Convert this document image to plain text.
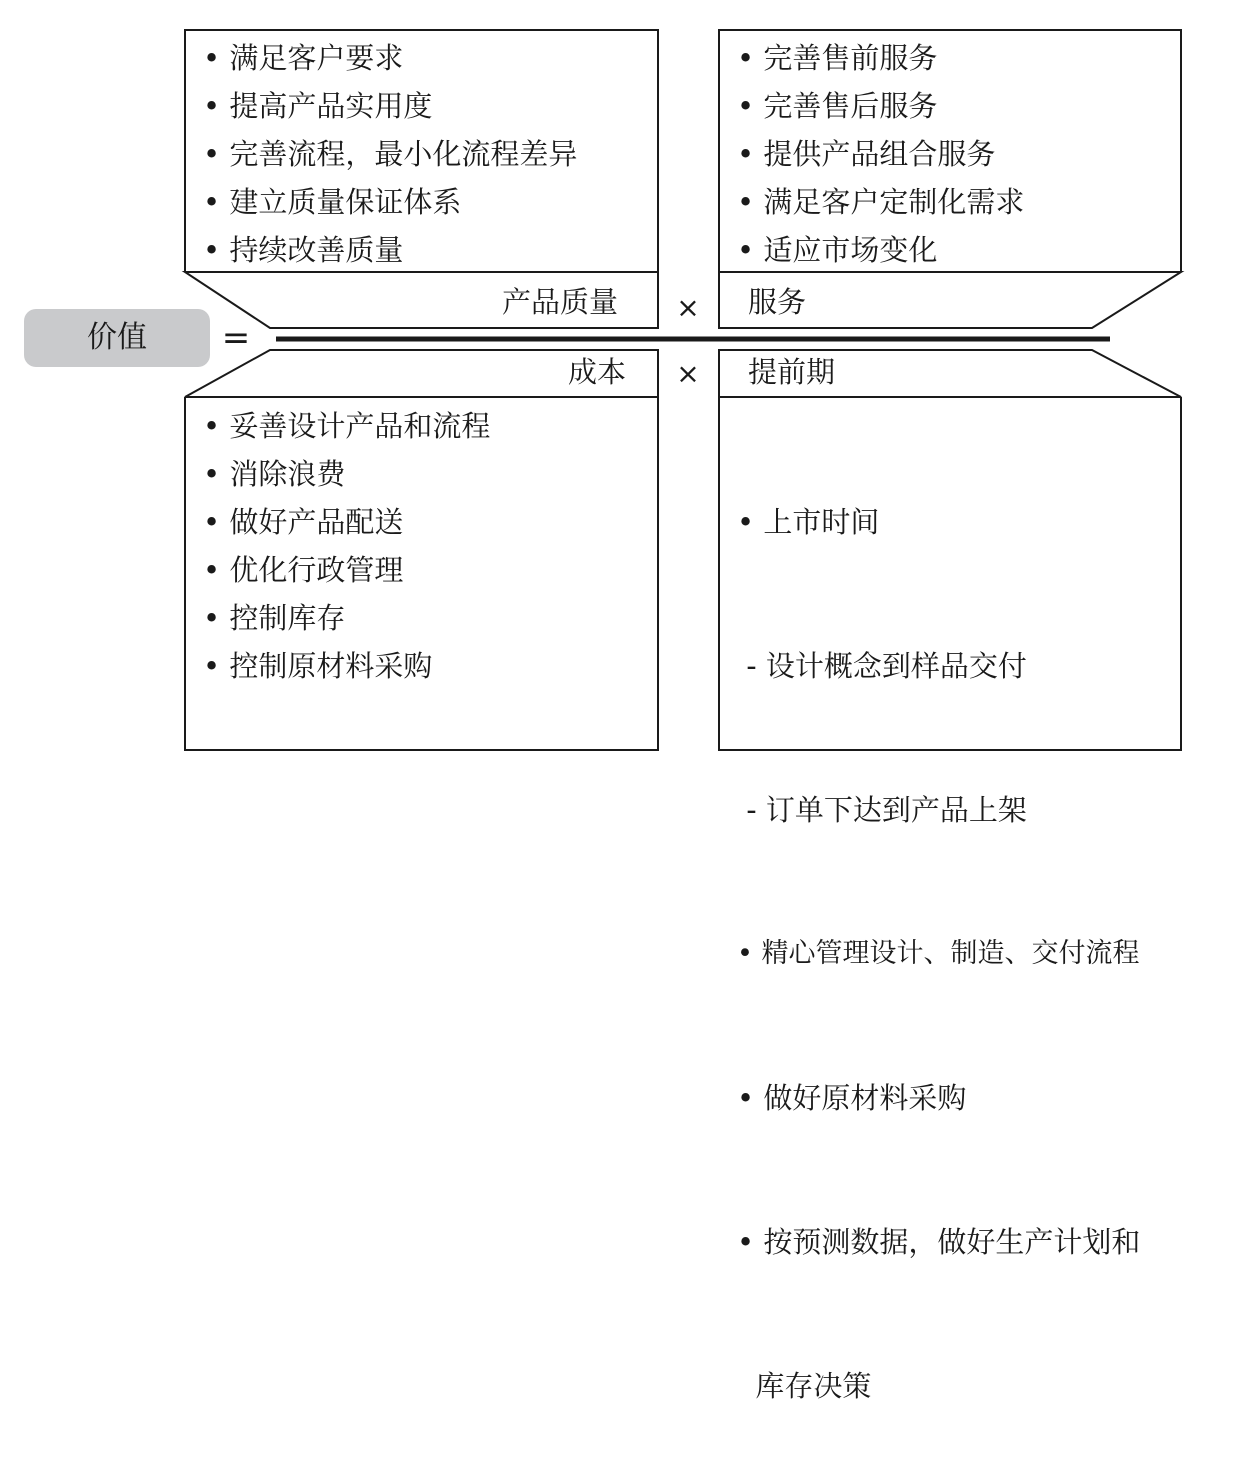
价值	=
• 满足客户要求
• 提高产品实用度
• 完善流程，最小化流程差异
• 建立质量保证体系
• 持续改善质量
产品质量
• 完善售前服务
• 完善售后服务
• 提供产品组合服务
• 满足客户定制化需求
• 适应市场变化
服务
×
×
成本
• 妥善设计产品和流程
• 消除浪费
• 做好产品配送
• 优化行政管理
• 控制库存
• 控制原材料采购
提前期

• 上市时间

- 设计概念到样品交付

- 订单下达到产品上架

• 精心管理设计、制造、交付流程

• 做好原材料采购

• 按预测数据，做好生产计划和

库存决策
